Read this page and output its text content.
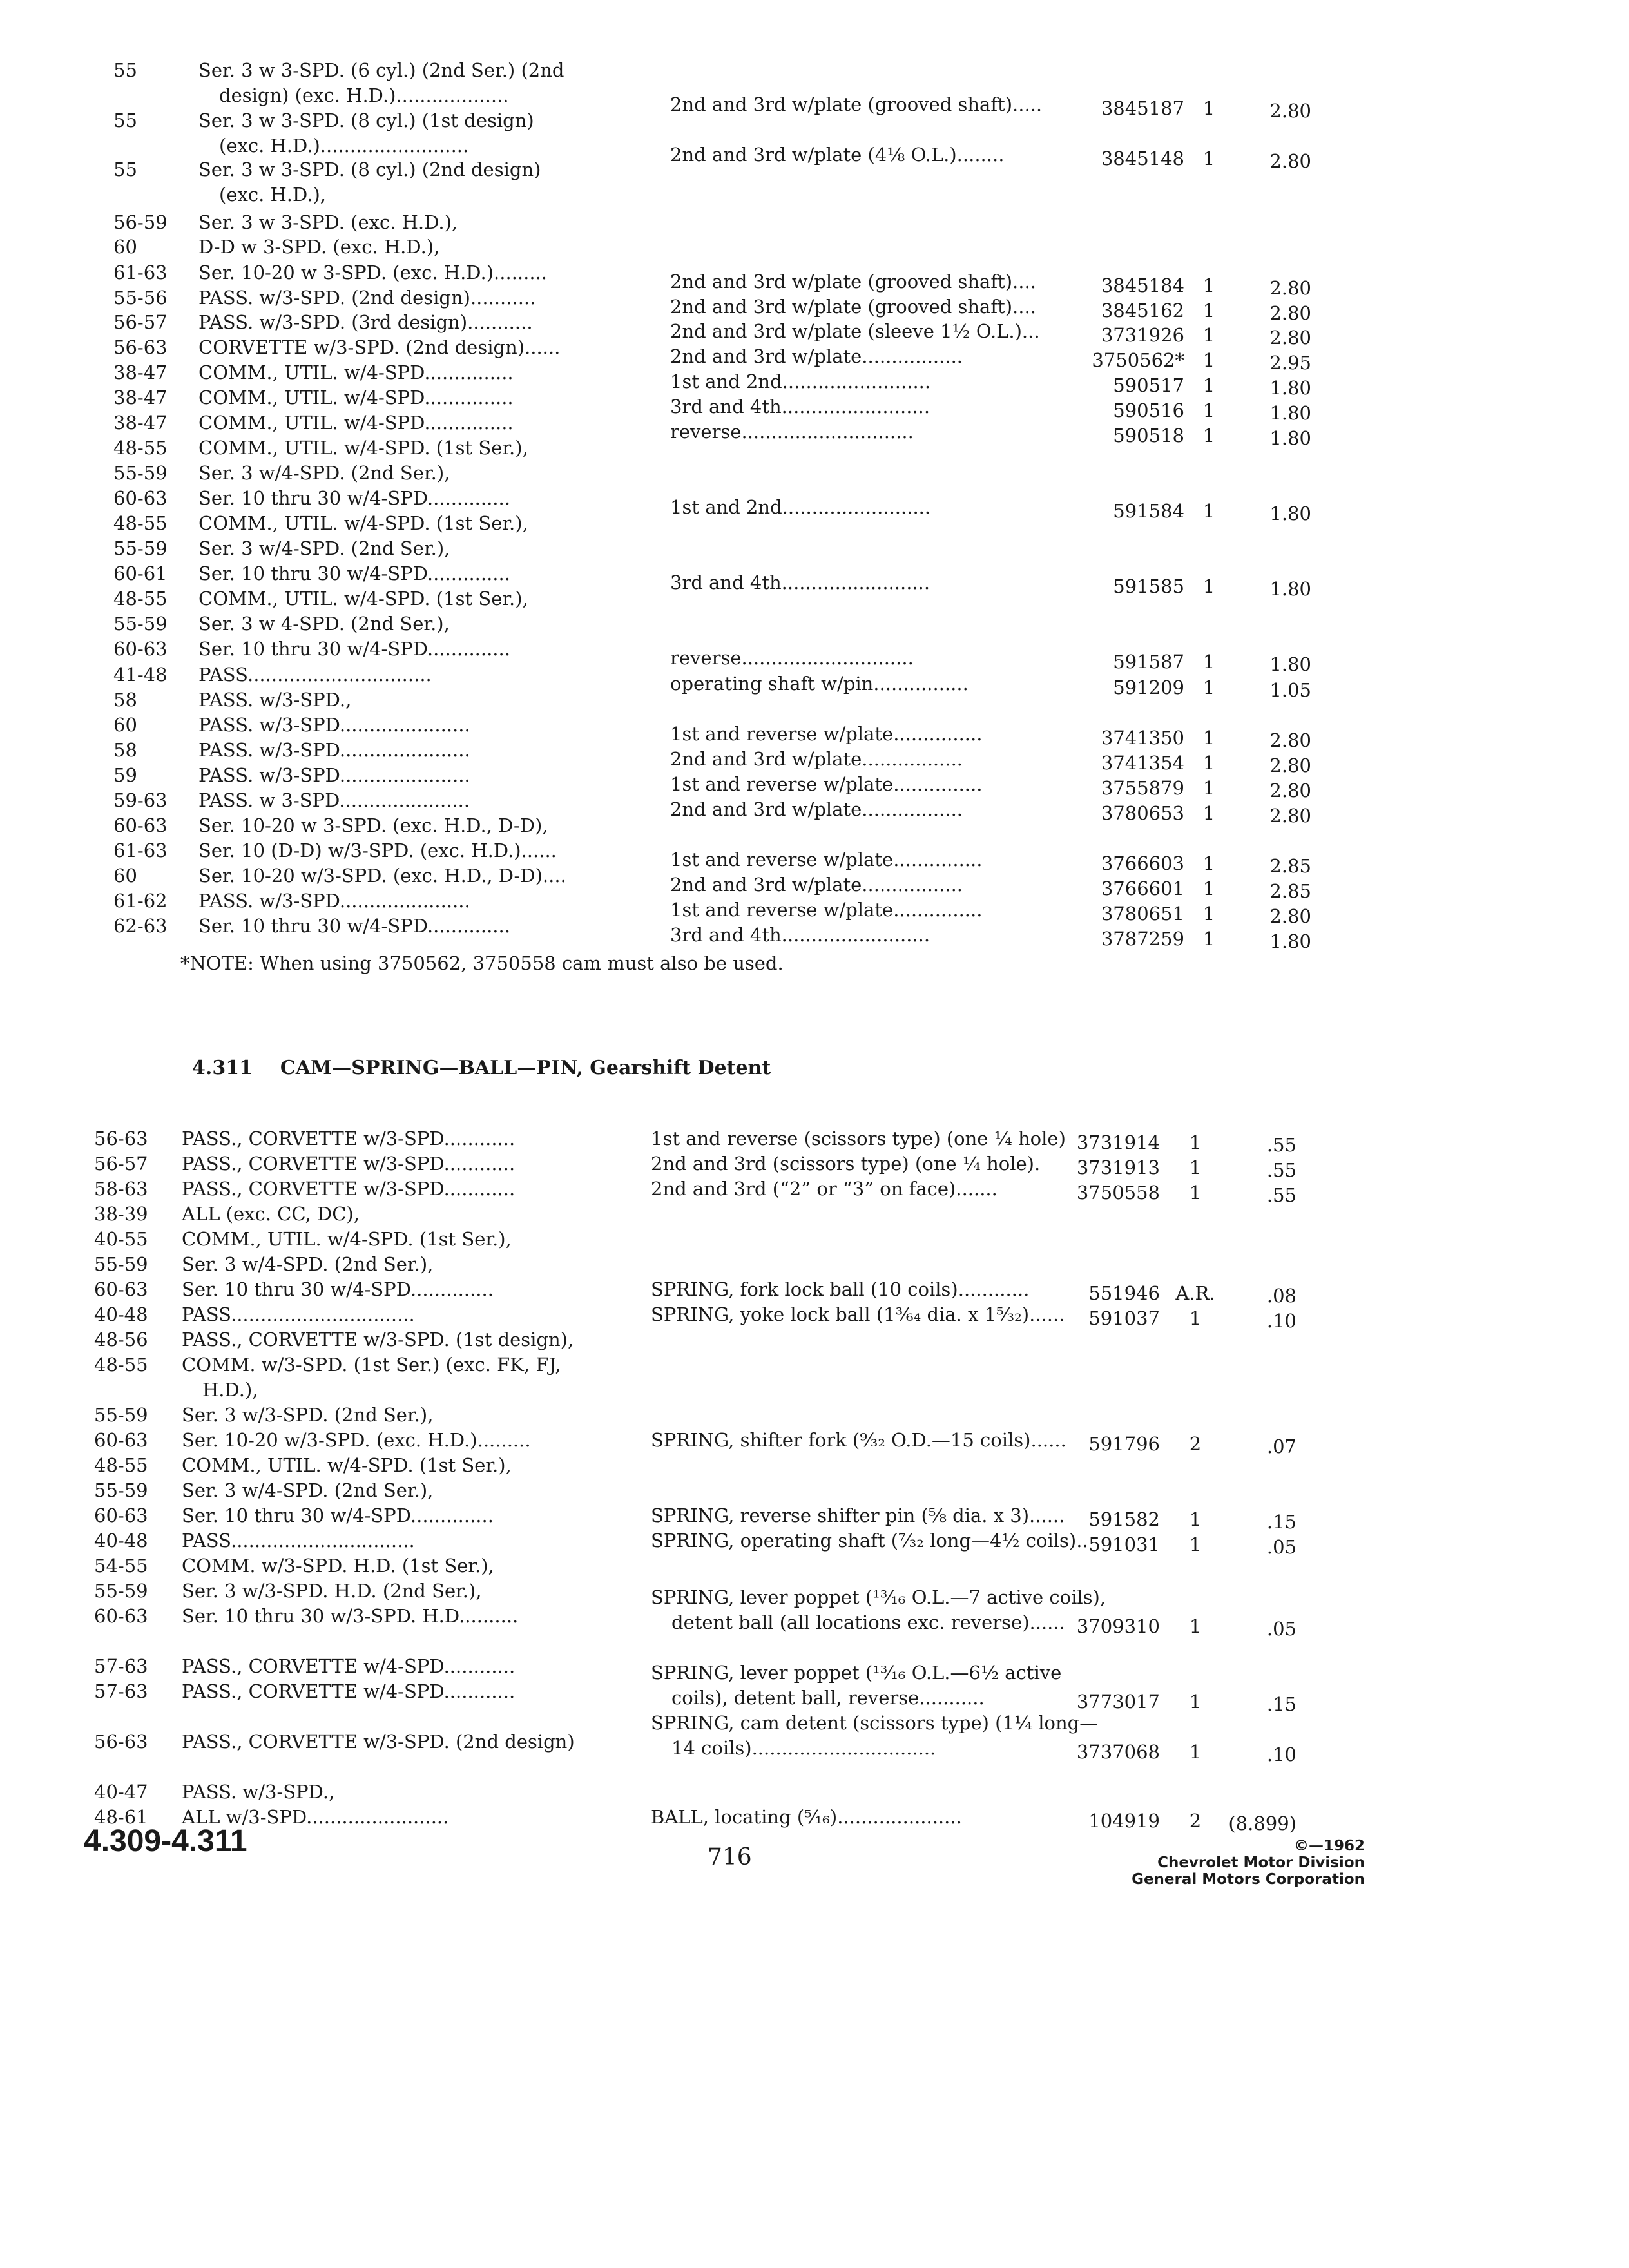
55	Ser. 3 w 3-SPD. (6 cyl.) (2nd Ser.) (2nd
design) (exc. H.D.)...................	2nd and 3rd w/plate (grooved shaft).....	3845187 1	2.80
55	Ser. 3 w 3-SPD. (8 cyl.) (1st design)
(exc. H.D.).........................	2nd and 3rd w/plate (4⅛ O.L.)........	3845148 1	2.80
55	Ser. 3 w 3-SPD. (8 cyl.) (2nd design)
(exc. H.D.),
56-59 Ser. 3 w 3-SPD. (exc. H.D.),
60	D-D w 3-SPD. (exc. H.D.),
61-63 Ser. 10-20 w 3-SPD. (exc. H.D.).........	2nd and 3rd w/plate (grooved shaft)....	3845184 1	2.80
55-56 PASS. w/3-SPD. (2nd design)...........	2nd and 3rd w/plate (grooved shaft)....	3845162 1	2.80
56-57 PASS. w/3-SPD. (3rd design)...........	2nd and 3rd w/plate (sleeve 1½ O.L.)...	3731926 1	2.80
56-63 CORVETTE w/3-SPD. (2nd design)......	2nd and 3rd w/plate.................	3750562* 1	2.95
38-47 COMM., UTIL. w/4-SPD...............	1st and 2nd.........................	590517 1	1.80
38-47 COMM., UTIL. w/4-SPD...............	3rd and 4th.........................	590516 1	1.80
38-47 COMM., UTIL. w/4-SPD...............	reverse.............................	590518 1	1.80
48-55 COMM., UTIL. w/4-SPD. (1st Ser.),
55-59 Ser. 3 w/4-SPD. (2nd Ser.),
60-63 Ser. 10 thru 30 w/4-SPD..............	1st and 2nd.........................	591584 1	1.80
48-55 COMM., UTIL. w/4-SPD. (1st Ser.),
55-59 Ser. 3 w/4-SPD. (2nd Ser.),
60-61 Ser. 10 thru 30 w/4-SPD..............	3rd and 4th.........................	591585 1	1.80
48-55 COMM., UTIL. w/4-SPD. (1st Ser.),
55-59 Ser. 3 w 4-SPD. (2nd Ser.),
60-63 Ser. 10 thru 30 w/4-SPD..............	reverse.............................	591587 1	1.80
41-48 PASS...............................	operating shaft w/pin................	591209 1	1.05
58	PASS. w/3-SPD.,
60	PASS. w/3-SPD......................	1st and reverse w/plate...............	3741350 1	2.80
58	PASS. w/3-SPD......................	2nd and 3rd w/plate.................	3741354 1	2.80
59	PASS. w/3-SPD......................	1st and reverse w/plate...............	3755879 1	2.80
59-63 PASS. w 3-SPD......................	2nd and 3rd w/plate.................	3780653 1	2.80
60-63 Ser. 10-20 w 3-SPD. (exc. H.D., D-D),
61-63 Ser. 10 (D-D) w/3-SPD. (exc. H.D.)......	1st and reverse w/plate...............	3766603 1	2.85
60	Ser. 10-20 w/3-SPD. (exc. H.D., D-D)....	2nd and 3rd w/plate.................	3766601 1	2.85
61-62 PASS. w/3-SPD......................	1st and reverse w/plate...............	3780651 1	2.80
62-63 Ser. 10 thru 30 w/4-SPD..............	3rd and 4th.........................	3787259 1	1.80
*NOTE: When using 3750562, 3750558 cam must also be used.
4.311 CAM—SPRING—BALL—PIN, Gearshift Detent
56-63 PASS., CORVETTE w/3-SPD............	1st and reverse (scissors type) (one ¼ hole) 3731914	1	.55
56-57 PASS., CORVETTE w/3-SPD............	2nd and 3rd (scissors type) (one ¼ hole). 3731913	1	.55
58-63 PASS., CORVETTE w/3-SPD............	2nd and 3rd (“2” or “3” on face).......	3750558	1	.55
38-39 ALL (exc. CC, DC),
40-55 COMM., UTIL. w/4-SPD. (1st Ser.),
55-59 Ser. 3 w/4-SPD. (2nd Ser.),
60-63 Ser. 10 thru 30 w/4-SPD..............	SPRING, fork lock ball (10 coils)............	551946 A.R.	.08
40-48 PASS...............................	SPRING, yoke lock ball (1³⁄₆₄ dia. x 1⁵⁄₃₂)...... 591037	1	.10
48-56 PASS., CORVETTE w/3-SPD. (1st design),
48-55 COMM. w/3-SPD. (1st Ser.) (exc. FK, FJ,
H.D.),
55-59 Ser. 3 w/3-SPD. (2nd Ser.),
60-63 Ser. 10-20 w/3-SPD. (exc. H.D.).........	SPRING, shifter fork (⁹⁄₃₂ O.D.—15 coils)...... 591796	2	.07
48-55 COMM., UTIL. w/4-SPD. (1st Ser.),
55-59 Ser. 3 w/4-SPD. (2nd Ser.),
60-63 Ser. 10 thru 30 w/4-SPD..............	SPRING, reverse shifter pin (⅝ dia. x 3)...... 591582	1	.15
40-48 PASS...............................	SPRING, operating shaft (⁷⁄₃₂ long—4½ coils).. 591031	1	.05
54-55 COMM. w/3-SPD. H.D. (1st Ser.),
55-59 Ser. 3 w/3-SPD. H.D. (2nd Ser.),
60-63 Ser. 10 thru 30 w/3-SPD. H.D..........
SPRING, lever poppet (¹³⁄₁₆ O.L.—7 active coils),
detent ball (all locations exc. reverse)...... 3709310	1	.05
57-63 PASS., CORVETTE w/4-SPD............
57-63 PASS., CORVETTE w/4-SPD............
SPRING, lever poppet (¹³⁄₁₆ O.L.—6½ active
coils), detent ball, reverse...........	3773017	1	.15
56-63 PASS., CORVETTE w/3-SPD. (2nd design)
SPRING, cam detent (scissors type) (1¼ long—
14 coils)...............................	3737068	1	.10
40-47 PASS. w/3-SPD.,
48-61 ALL w/3-SPD........................	BALL, locating (⁵⁄₁₆).....................	104919	2	(8.899)
4.309-4.311	716	©—1962
Chevrolet Motor Division
General Motors Corporation
